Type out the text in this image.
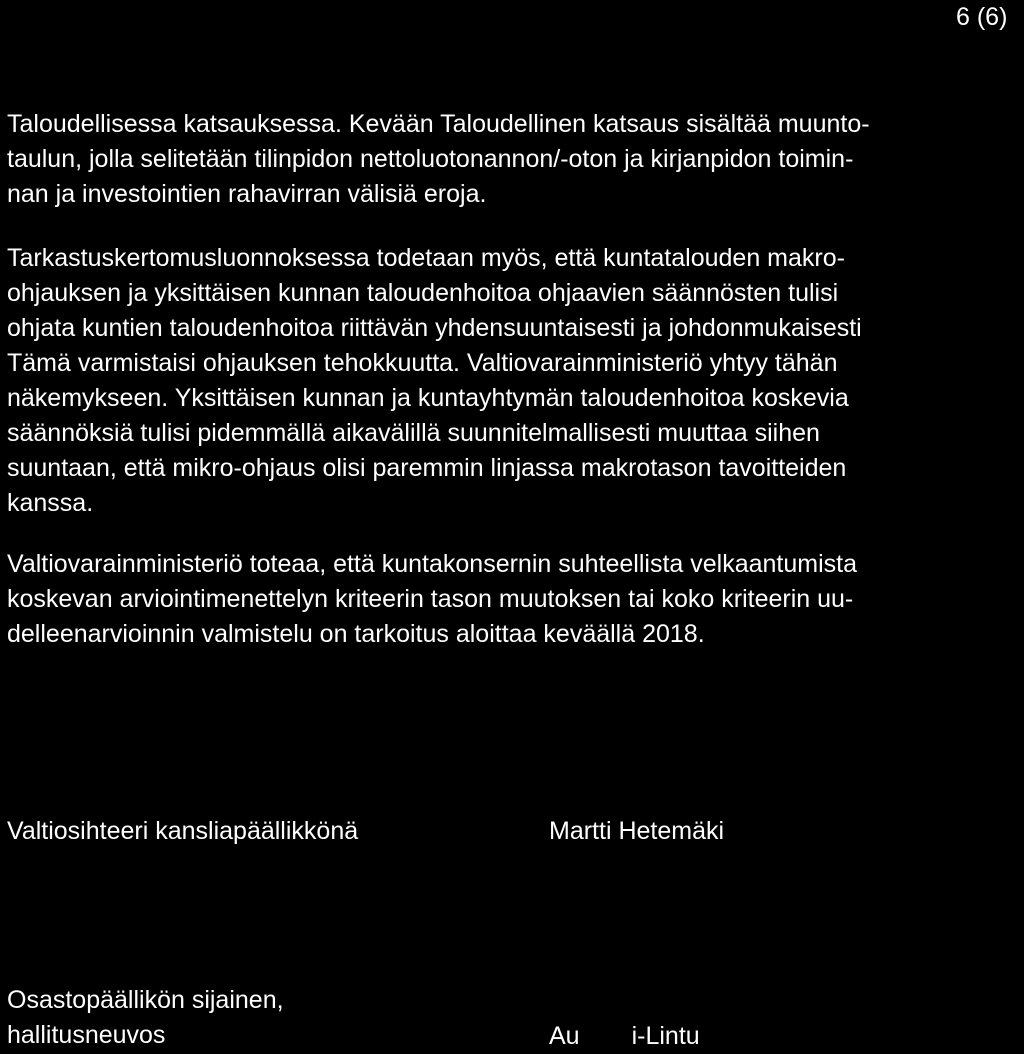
6 (6)

Taloudellisessa katsauksessa. Kevään Taloudellinen katsaus sisältää muunto-
taulun, jolla selitetään tilinpidon nettoluotonannon/-oton ja kirjanpidon toimin-
nan ja investointien rahavirran välisiä eroja.

Tarkastuskertomusluonnoksessa todetaan myös, että kuntatalouden makro-
ohjauksen ja yksittäisen kunnan taloudenhoitoa ohjaavien säännösten tulisi
ohjata kuntien taloudenhoitoa riittävän yhdensuuntaisesti ja johdonmukaisesti
Tämä varmistaisi ohjauksen tehokkuutta. Valtiovarainministeriö yhtyy tähän
näkemykseen. Yksittäisen kunnan ja kuntayhtymän taloudenhoitoa koskevia
säännöksiä tulisi pidemmällä aikavälillä suunnitelmallisesti muuttaa siihen
suuntaan, että mikro-ohjaus olisi paremmin linjassa makrotason tavoitteiden
kanssa.

Valtiovarainministeriö toteaa, että kuntakonsernin suhteellista velkaantumista
koskevan arviointimenettelyn kriteerin tason muutoksen tai koko kriteerin uu-
delleenarvioinnin valmistelu on tarkoitus aloittaa keväällä 2018.

Valtiosihteeri kansliapäällikkönä	Martti Hetemäki
Osastopäällikön sijainen,
hallitusneuvos	Au i-Lintu
